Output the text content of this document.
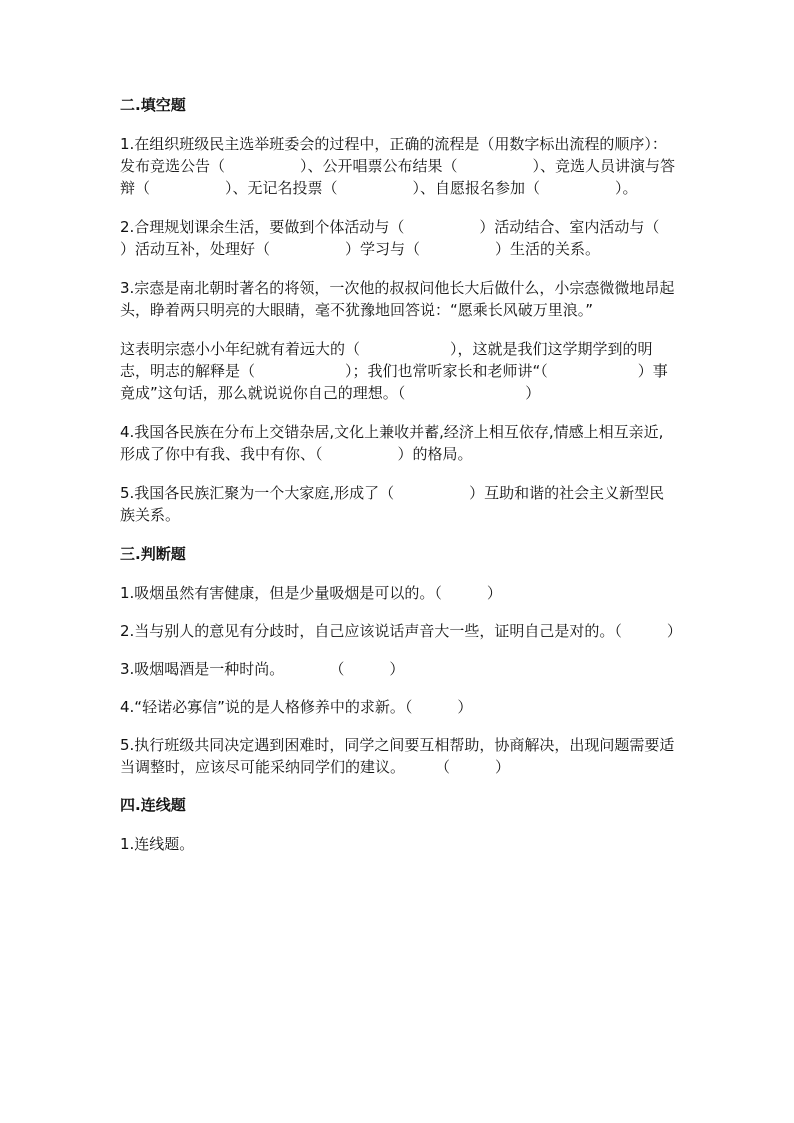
二.填空题
1.在组织班级民主选举班委会的过程中，正确的流程是（用数字标出流程的顺序）：发布竞选公告（　　　　　）、公开唱票公布结果（　　　　　）、竞选人员讲演与答辩（　　　　　）、无记名投票（　　　　　）、自愿报名参加（　　　　　）。
2.合理规划课余生活，要做到个体活动与（　　　　　）活动结合、室内活动与（　　　　　）活动互补，处理好（　　　　　）学习与（　　　　　）生活的关系。
3.宗悫是南北朝时著名的将领，一次他的叔叔问他长大后做什么，小宗悫微微地昂起头，睁着两只明亮的大眼睛，毫不犹豫地回答说：“愿乘长风破万里浪。”
这表明宗悫小小年纪就有着远大的（　　　　　　），这就是我们这学期学到的明志，明志的解释是（　　　　　　）；我们也常听家长和老师讲“（　　　　　　）事竟成”这句话，那么就说说你自己的理想。（　　　　　　　　）
4.我国各民族在分布上交错杂居,文化上兼收并蓄,经济上相互依存,情感上相互亲近,形成了你中有我、我中有你、（　　　　　）的格局。
5.我国各民族汇聚为一个大家庭,形成了（　　　　　）互助和谐的社会主义新型民族关系。
三.判断题
1.吸烟虽然有害健康，但是少量吸烟是可以的。（　　　）
2.当与别人的意见有分歧时，自己应该说话声音大一些，证明自己是对的。（　　　）
3.吸烟喝酒是一种时尚。　　　　（　　　）
4.“轻诺必寡信”说的是人格修养中的求新。（　　　）
5.执行班级共同决定遇到困难时，同学之间要互相帮助，协商解决，出现问题需要适当调整时，应该尽可能采纳同学们的建议。　　　（　　　）
四.连线题
1.连线题。
